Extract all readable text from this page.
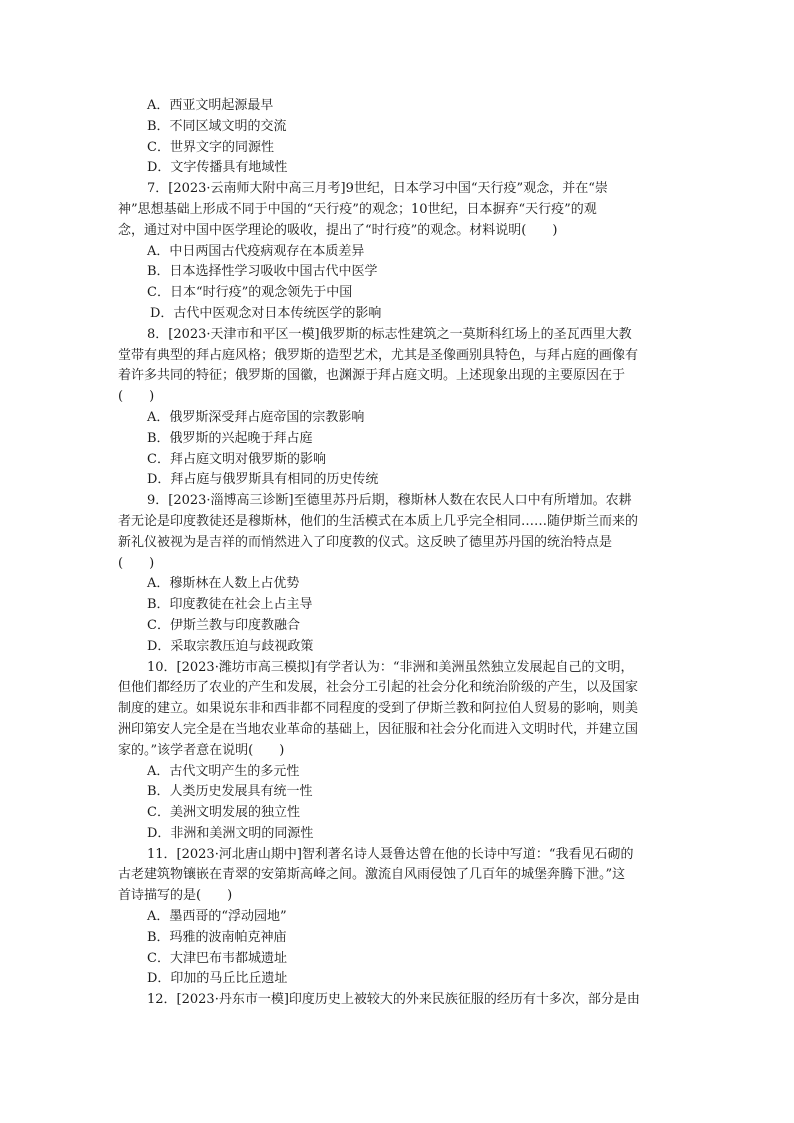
A．西亚文明起源最早
B．不同区域文明的交流
C．世界文字的同源性
D．文字传播具有地域性
7．[2023·云南师大附中高三月考]9世纪，日本学习中国“天行疫”观念，并在“崇
神”思想基础上形成不同于中国的“天行疫”的观念；10世纪，日本摒弃“天行疫”的观
念，通过对中国中医学理论的吸收，提出了“时行疫”的观念。材料说明(　　)
A．中日两国古代疫病观存在本质差异
B．日本选择性学习吸收中国古代中医学
C．日本“时行疫”的观念领先于中国
D．古代中医观念对日本传统医学的影响
8．[2023·天津市和平区一模]俄罗斯的标志性建筑之一莫斯科红场上的圣瓦西里大教
堂带有典型的拜占庭风格；俄罗斯的造型艺术，尤其是圣像画别具特色，与拜占庭的画像有
着许多共同的特征；俄罗斯的国徽，也渊源于拜占庭文明。上述现象出现的主要原因在于
(　　)
A．俄罗斯深受拜占庭帝国的宗教影响
B．俄罗斯的兴起晚于拜占庭
C．拜占庭文明对俄罗斯的影响
D．拜占庭与俄罗斯具有相同的历史传统
9．[2023·淄博高三诊断]至德里苏丹后期，穆斯林人数在农民人口中有所增加。农耕
者无论是印度教徒还是穆斯林，他们的生活模式在本质上几乎完全相同……随伊斯兰而来的
新礼仪被视为是吉祥的而悄然进入了印度教的仪式。这反映了德里苏丹国的统治特点是
(　　)
A．穆斯林在人数上占优势
B．印度教徒在社会上占主导
C．伊斯兰教与印度教融合
D．采取宗教压迫与歧视政策
10．[2023·潍坊市高三模拟]有学者认为：“非洲和美洲虽然独立发展起自己的文明，
但他们都经历了农业的产生和发展，社会分工引起的社会分化和统治阶级的产生，以及国家
制度的建立。如果说东非和西非都不同程度的受到了伊斯兰教和阿拉伯人贸易的影响，则美
洲印第安人完全是在当地农业革命的基础上，因征服和社会分化而进入文明时代，并建立国
家的。”该学者意在说明(　　)
A．古代文明产生的多元性
B．人类历史发展具有统一性
C．美洲文明发展的独立性
D．非洲和美洲文明的同源性
11．[2023·河北唐山期中]智利著名诗人聂鲁达曾在他的长诗中写道：“我看见石砌的
古老建筑物镶嵌在青翠的安第斯高峰之间。激流自风雨侵蚀了几百年的城堡奔腾下泄。”这
首诗描写的是(　　)
A．墨西哥的“浮动园地”
B．玛雅的波南帕克神庙
C．大津巴布韦都城遗址
D．印加的马丘比丘遗址
12．[2023·丹东市一模]印度历史上被较大的外来民族征服的经历有十多次，部分是由
